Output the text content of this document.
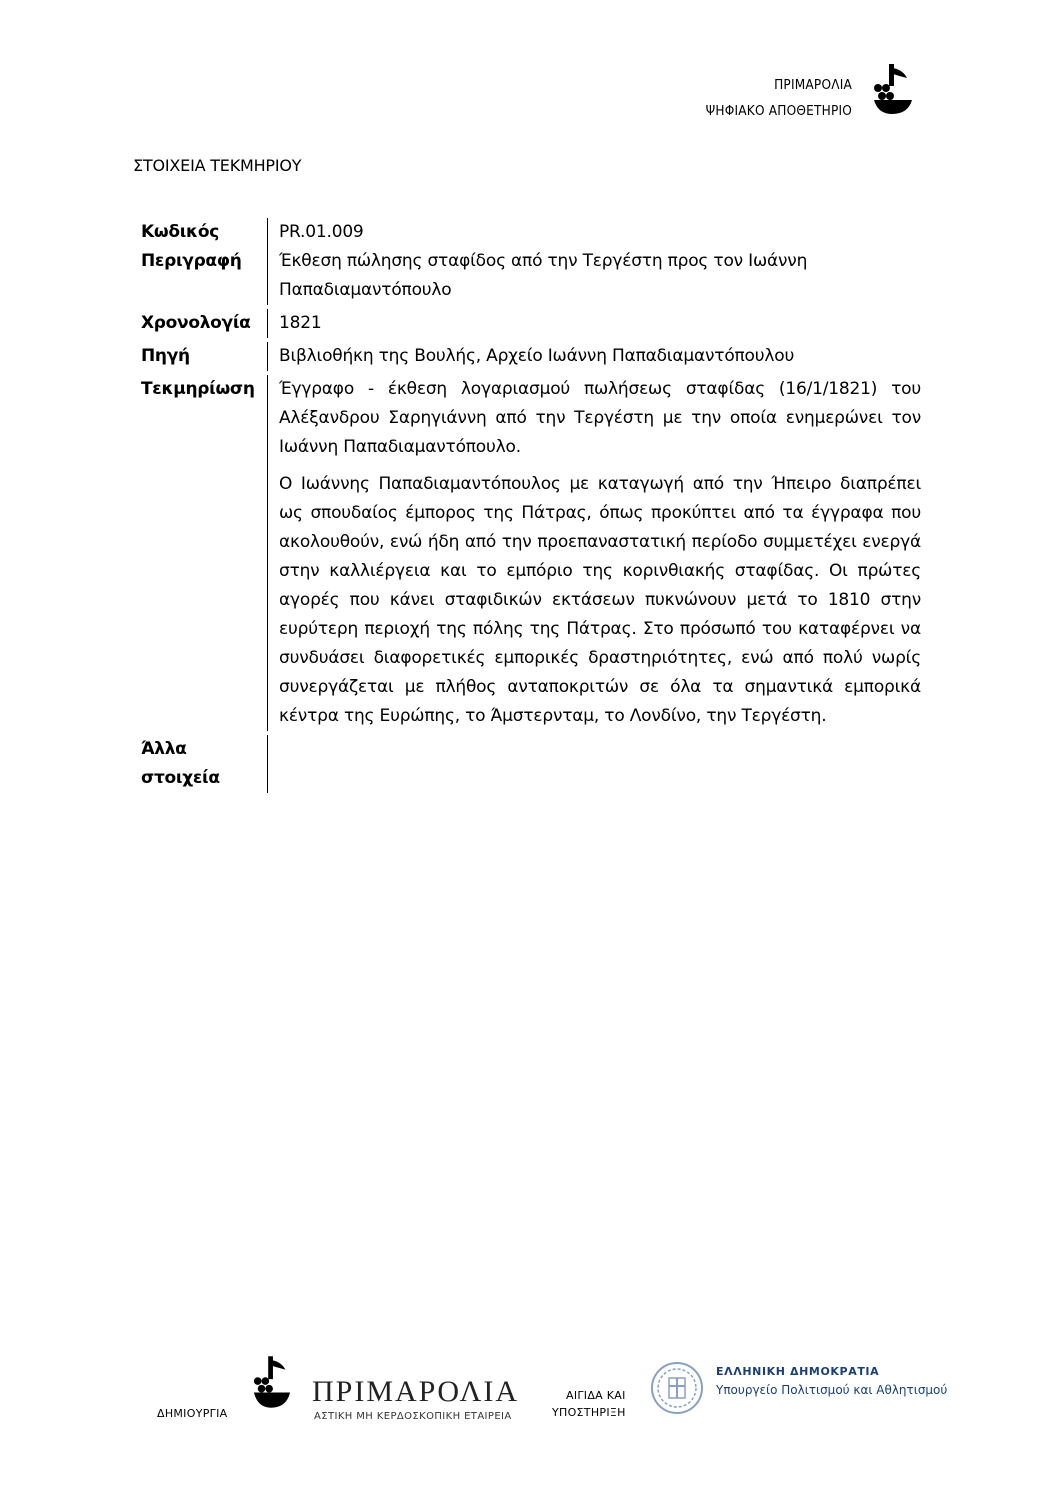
ΠΡΙΜΑΡΟΛΙΑ
ΨΗΦΙΑΚΟ ΑΠΟΘΕΤΗΡΙΟ
ΣΤΟΙΧΕΙΑ ΤΕΚΜΗΡΙΟΥ
Κωδικός	PR.01.009
Περιγραφή	Έκθεση πώλησης σταφίδος από την Τεργέστη προς τον Ιωάννη Παπαδιαμαντόπουλο

Χρονολογία	1821
Πηγή	Βιβλιοθήκη της Βουλής, Αρχείο Ιωάννη Παπαδιαμαντόπουλου
Τεκμηρίωση	Έγγραφο - έκθεση λογαριασμού πωλήσεως σταφίδας (16/1/1821) του Αλέξανδρου Σαρηγιάννη από την Τεργέστη με την οποία ενημερώνει τον Ιωάννη Παπαδιαμαντόπουλο.

Ο Ιωάννης Παπαδιαμαντόπουλος με καταγωγή από την Ήπειρο διαπρέπει ως σπουδαίος έμπορος της Πάτρας, όπως προκύπτει από τα έγγραφα που ακολουθούν, ενώ ήδη από την προεπαναστατική περίοδο συμμετέχει ενεργά στην καλλιέργεια και το εμπόριο της κορινθιακής σταφίδας. Οι πρώτες αγορές που κάνει σταφιδικών εκτάσεων πυκνώνουν μετά το 1810 στην ευρύτερη περιοχή της πόλης της Πάτρας. Στο πρόσωπό του καταφέρνει να συνδυάσει διαφορετικές εμπορικές δραστηριότητες, ενώ από πολύ νωρίς συνεργάζεται με πλήθος ανταποκριτών σε όλα τα σημαντικά εμπορικά κέντρα της Ευρώπης, το Άμστερνταμ, το Λονδίνο, την Τεργέστη.

Άλλα
στοιχεία
ΔΗΜΙΟΥΡΓΙΑ
ΠΡΙΜΑΡΟΛΙΑ
ΑΣΤΙΚΗ ΜΗ ΚΕΡΔΟΣΚΟΠΙΚΗ ΕΤΑΙΡΕΙΑ
ΑΙΓΙΔΑ ΚΑΙ
ΥΠΟΣΤΗΡΙΞΗ
ΕΛΛΗΝΙΚΗ ΔΗΜΟΚΡΑΤΙΑ
Υπουργείο Πολιτισμού και Αθλητισμού
